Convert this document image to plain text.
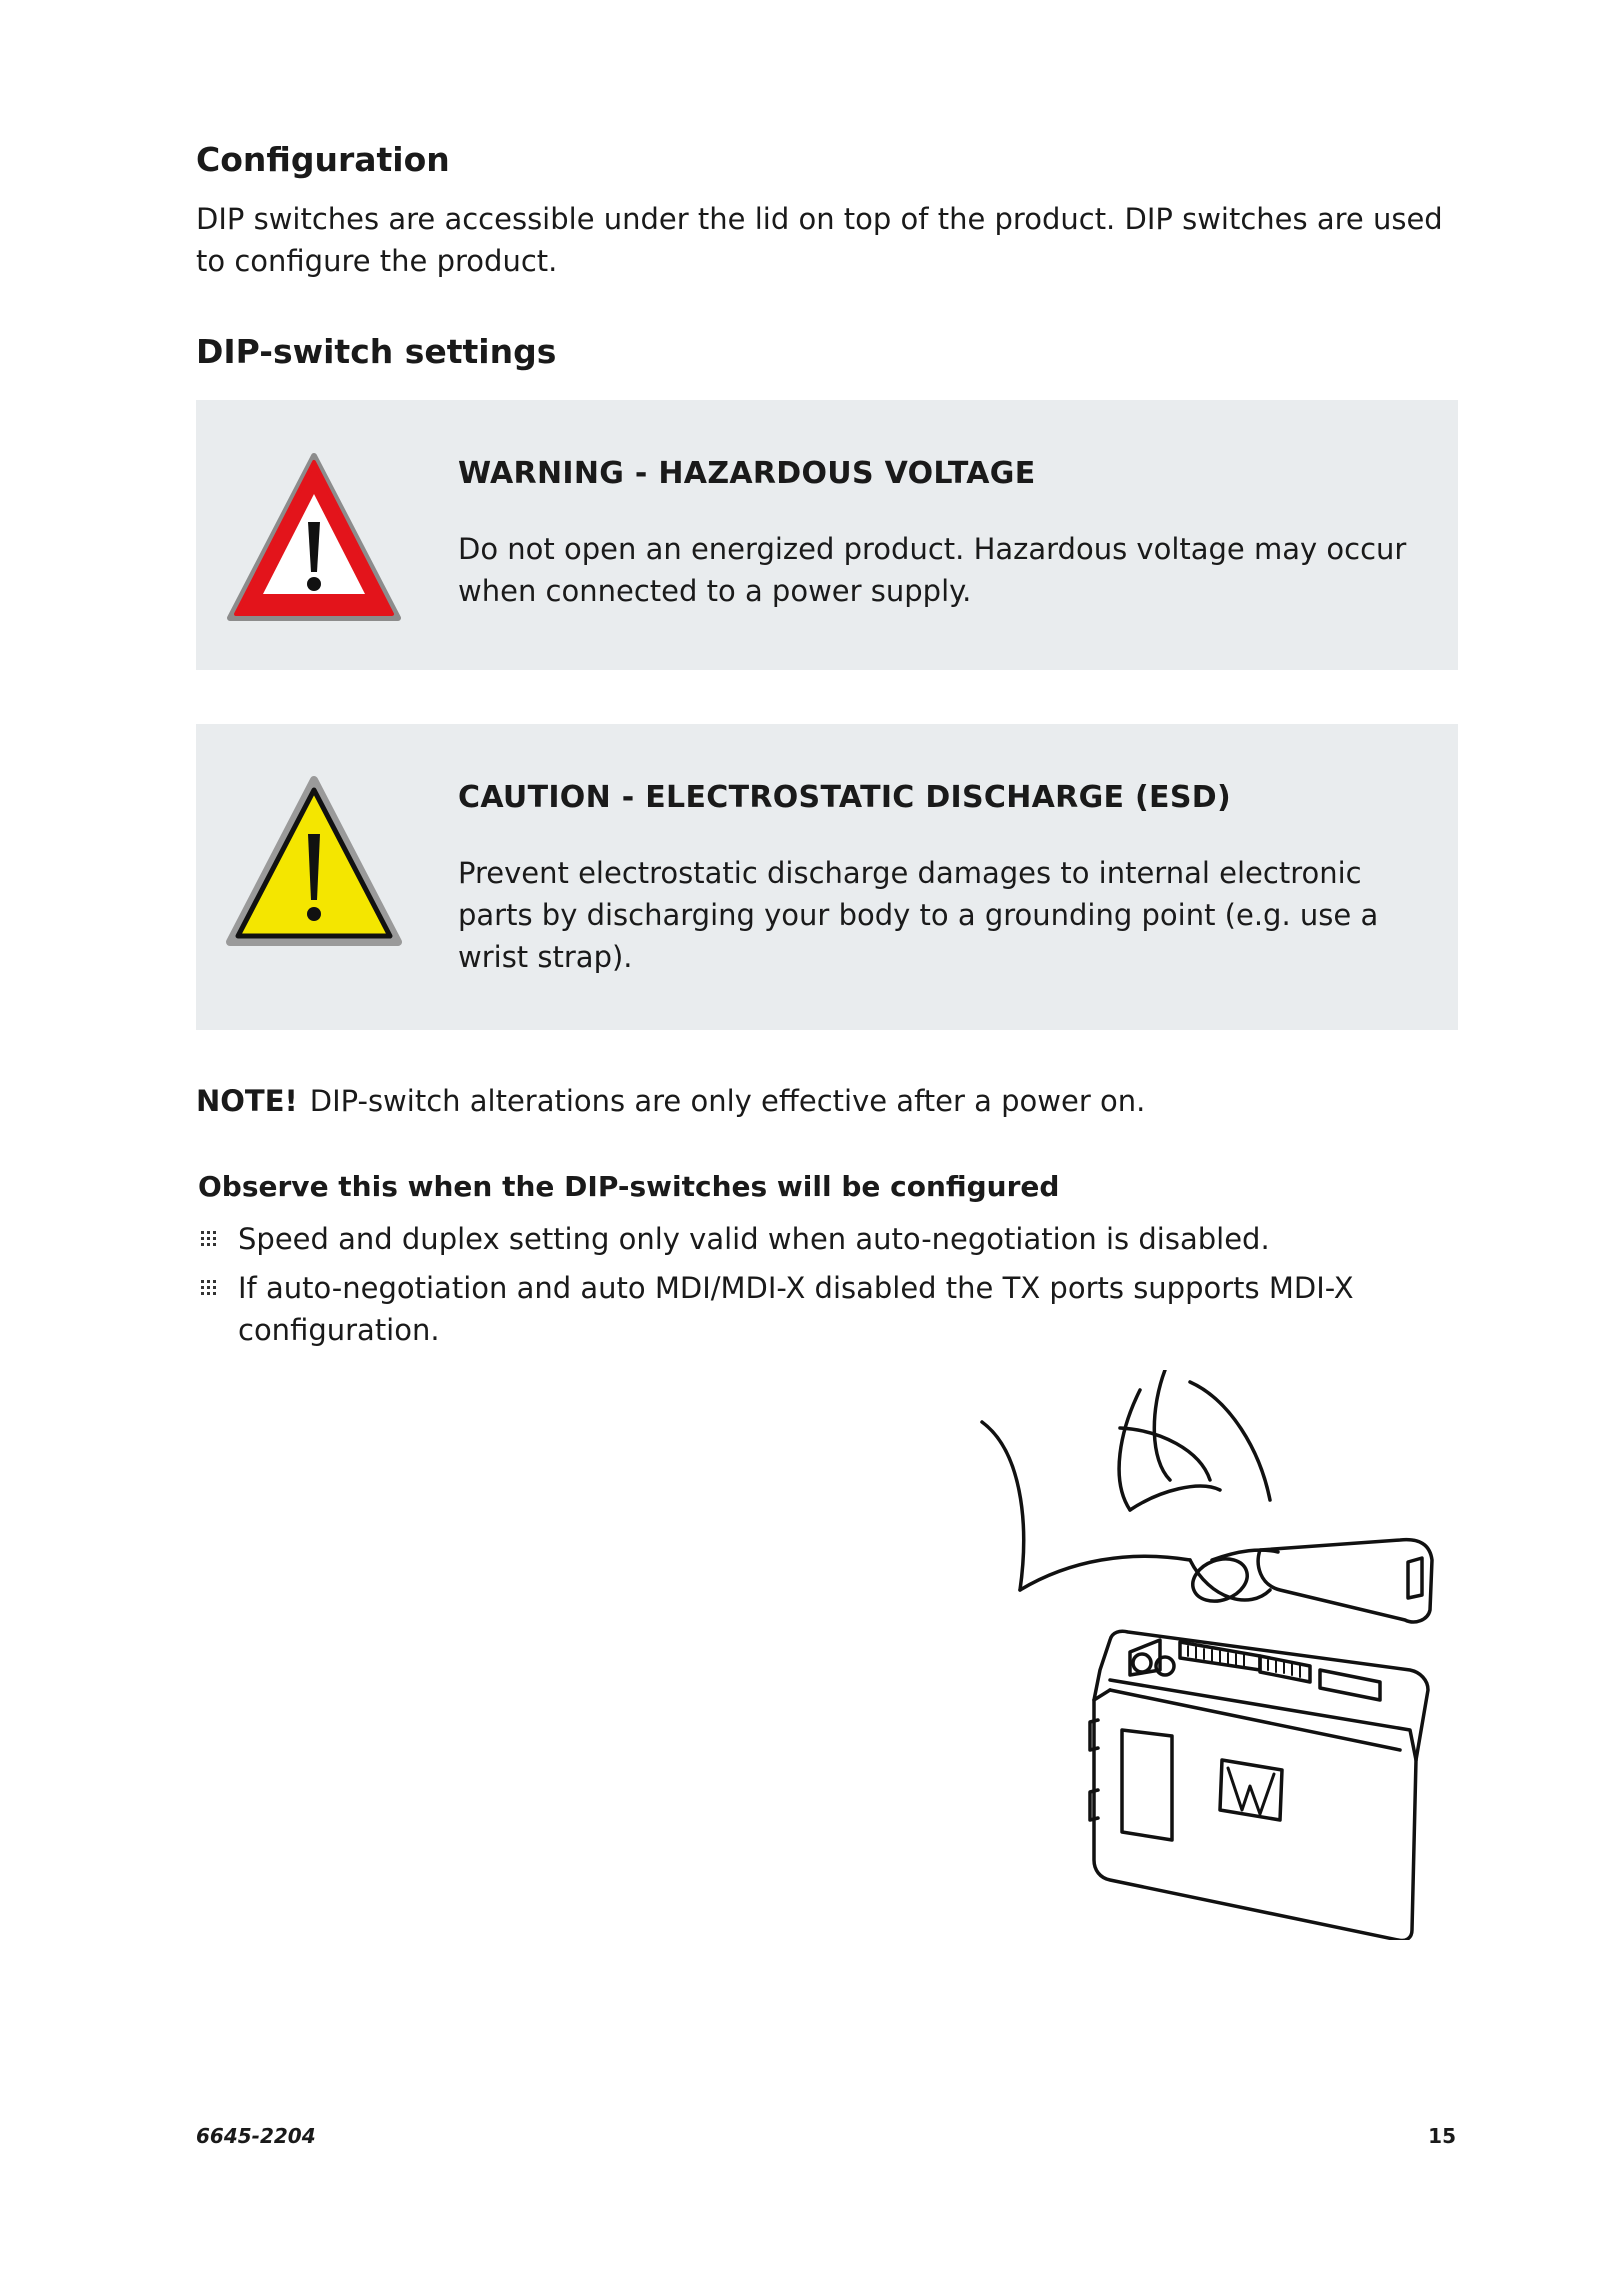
Configuration

DIP switches are accessible under the lid on top of the product. DIP switches are used to configure the product.

DIP-switch settings
WARNING - HAZARDOUS VOLTAGE
Do not open an energized product. Hazardous voltage may occur when connected to a power supply.
CAUTION - ELECTROSTATIC DISCHARGE (ESD)
Prevent electrostatic discharge damages to internal electronic parts by discharging your body to a grounding point (e.g. use a wrist strap).
NOTE! DIP-switch alterations are only effective after a power on.
Observe this when the DIP-switches will be configured
Speed and duplex setting only valid when auto-negotiation is disabled.
If auto-negotiation and auto MDI/MDI-X disabled the TX ports supports MDI-X configuration.
6645-2204	15
